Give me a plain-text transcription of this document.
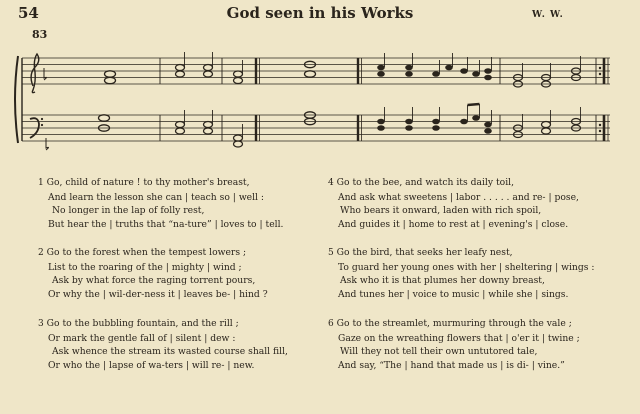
54	God seen in his Works	W. W.
83
1 Go, child of nature ! to thy mother's breast,
And learn the lesson she can | teach so | well :
No longer in the lap of folly rest,
But hear the | truths that “na-ture” | loves to | tell.
2 Go to the forest when the tempest lowers ;
List to the roaring of the | mighty | wind ;
Ask by what force the raging torrent pours,
Or why the | wil-der-ness it | leaves be- | hind ?
3 Go to the bubbling fountain, and the rill ;
Or mark the gentle fall of | silent | dew :
Ask whence the stream its wasted course shall fill,
Or who the | lapse of wa-ters | will re- | new.
4 Go to the bee, and watch its daily toil,
And ask what sweetens | labor . . . . . and re- | pose,
Who bears it onward, laden with rich spoil,
And guides it | home to rest at | evening's | close.
5 Go the bird, that seeks her leafy nest,
To guard her young ones with her | sheltering | wings :
Ask who it is that plumes her downy breast,
And tunes her | voice to music | while she | sings.
6 Go to the streamlet, murmuring through the vale ;
Gaze on the wreathing flowers that | o'er it | twine ;
Will they not tell their own untutored tale,
And say, “The | hand that made us | is di- | vine.”
